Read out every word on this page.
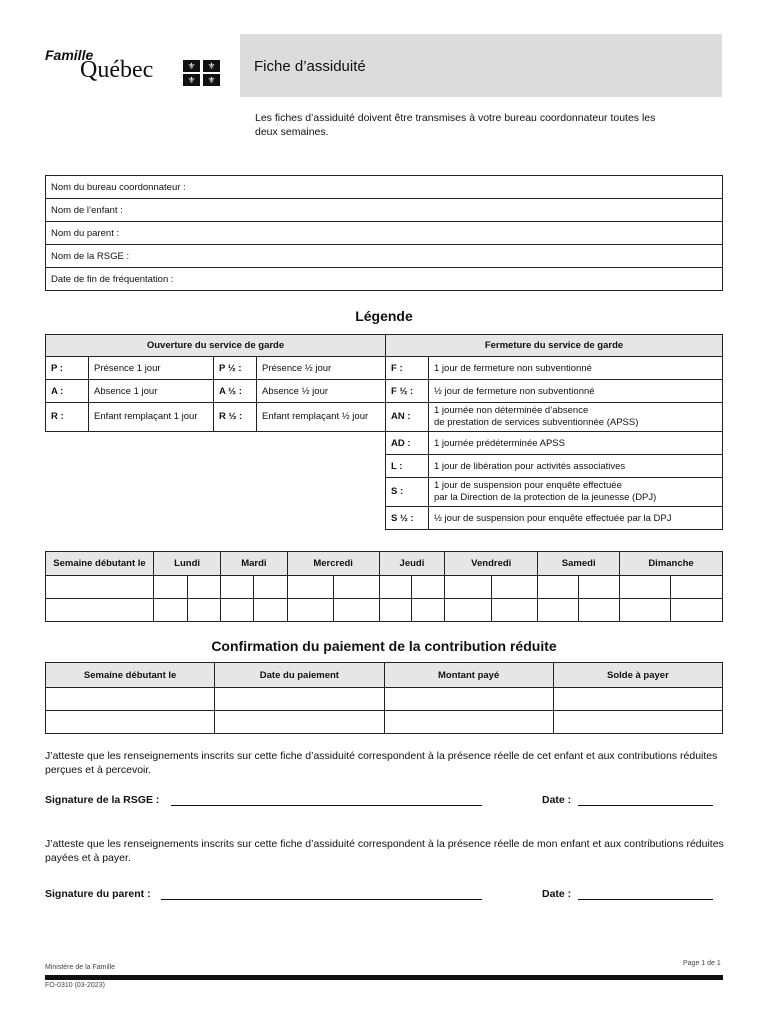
Famille
Québec	⚜	⚜
⚜	⚜
Fiche d’assiduité
Les fiches d’assiduité doivent être transmises à votre bureau coordonnateur toutes les deux semaines.
Nom du bureau coordonnateur :
Nom de l’enfant :
Nom du parent :
Nom de la RSGE :
Date de fin de fréquentation :
Légende
Ouverture du service de garde			
P :	Présence 1 jour	P ½ :	Présence ½ jour
A :	Absence 1 jour	A ½ :	Absence ½ jour
R :	Enfant remplaçant 1 jour	R ½ :	Enfant remplaçant ½ jour
Fermeture du service de garde	
F :	1 jour de fermeture non subventionné
F ½ :	½ jour de fermeture non subventionné
AN :	1 journée non déterminée d’absence
de prestation de services subventionnée (APSS)
AD :	1 journée prédéterminée APSS
L :	1 jour de libération pour activités associatives
S :	1 jour de suspension pour enquête effectuée
par la Direction de la protection de la jeunesse (DPJ)
S ½ :	½ jour de suspension pour enquête effectuée par la DPJ
Semaine débutant le	Lundi		Mardi		Mercredi		Jeudi		Vendredi		Samedi		Dimanche	

Confirmation du paiement de la contribution réduite
Semaine débutant le	Date du paiement	Montant payé	Solde à payer

J’atteste que les renseignements inscrits sur cette fiche d’assiduité correspondent à la présence réelle de cet enfant et aux contributions réduites perçues et à percevoir.
Signature de la RSGE :	Date :
J’atteste que les renseignements inscrits sur cette fiche d’assiduité correspondent à la présence réelle de mon enfant et aux contributions réduites payées et à payer.
Signature du parent :	Date :
Page 1 de 1
Ministère de la Famille
FO-0310 (03-2023)
